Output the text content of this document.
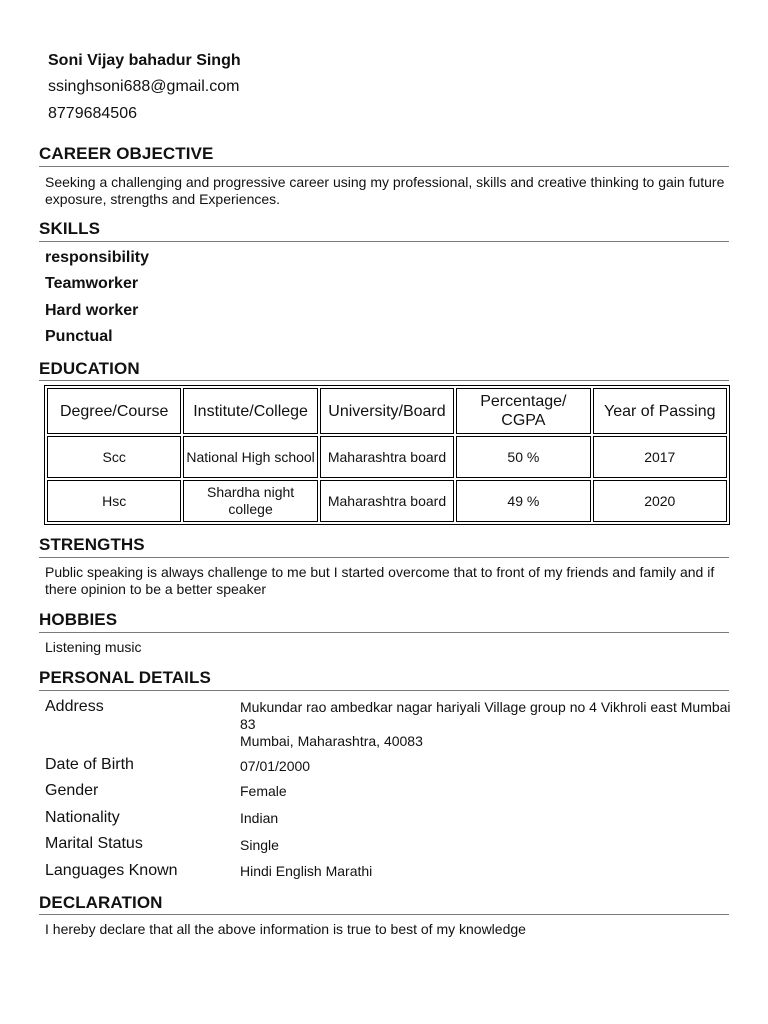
Soni Vijay bahadur Singh
ssinghsoni688@gmail.com
8779684506
CAREER OBJECTIVE
Seeking a challenging and progressive career using my professional, skills and creative thinking to gain future exposure, strengths and Experiences.
SKILLS
responsibility
Teamworker
Hard worker
Punctual
EDUCATION
Degree/Course	Institute/College	University/Board	Percentage/ CGPA	Year of Passing
Scc	National High school	Maharashtra board	50 %	2017
Hsc	Shardha night college	Maharashtra board	49 %	2020
STRENGTHS
Public speaking is always challenge to me but I started overcome that to front of my friends and family and if there opinion to be a better speaker
HOBBIES
Listening music
PERSONAL DETAILS
Address	Mukundar rao ambedkar nagar hariyali Village group no 4 Vikhroli east Mumbai 83
Mumbai, Maharashtra, 40083
Date of Birth	07/01/2000
Gender	Female
Nationality	Indian
Marital Status	Single
Languages Known	Hindi English Marathi
DECLARATION
I hereby declare that all the above information is true to best of my knowledge
